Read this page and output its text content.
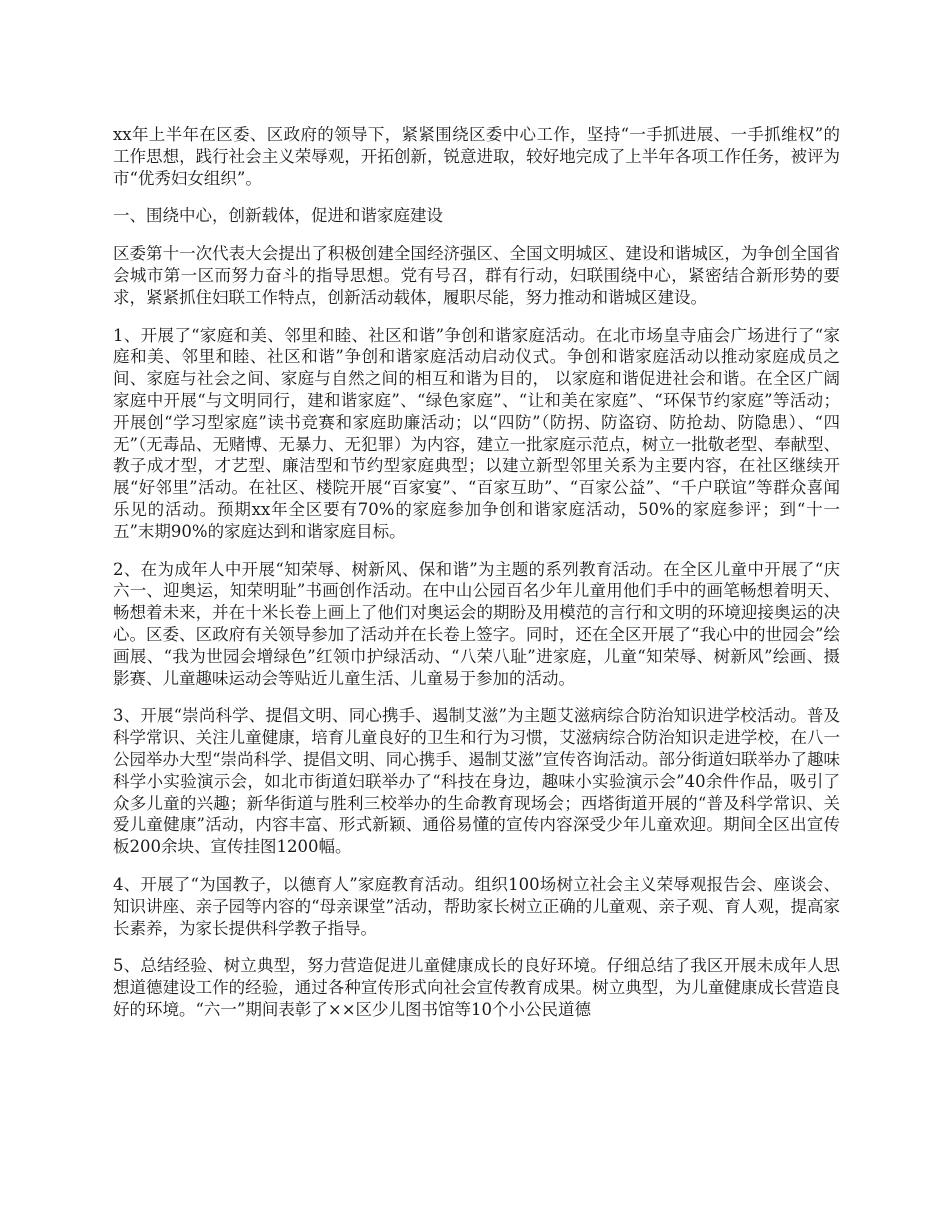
xx年上半年在区委、区政府的领导下，紧紧围绕区委中心工作，坚持“一手抓进展、一手抓维权”的工作思想，践行社会主义荣辱观，开拓创新，锐意进取，较好地完成了上半年各项工作任务，被评为市“优秀妇女组织”。

一、围绕中心，创新载体，促进和谐家庭建设

区委第十一次代表大会提出了积极创建全国经济强区、全国文明城区、建设和谐城区，为争创全国省会城市第一区而努力奋斗的指导思想。党有号召，群有行动，妇联围绕中心，紧密结合新形势的要求，紧紧抓住妇联工作特点，创新活动载体，履职尽能，努力推动和谐城区建设。

1、开展了“家庭和美、邻里和睦、社区和谐”争创和谐家庭活动。在北市场皇寺庙会广场进行了“家庭和美、邻里和睦、社区和谐”争创和谐家庭活动启动仪式。争创和谐家庭活动以推动家庭成员之间、家庭与社会之间、家庭与自然之间的相互和谐为目的， 以家庭和谐促进社会和谐。在全区广阔家庭中开展“与文明同行，建和谐家庭”、“绿色家庭”、“让和美在家庭”、“环保节约家庭”等活动；开展创“学习型家庭”读书竞赛和家庭助廉活动；以“四防”（防拐、防盗窃、防抢劫、防隐患）、“四无”（无毒品、无赌博、无暴力、无犯罪）为内容，建立一批家庭示范点，树立一批敬老型、奉献型、教子成才型，才艺型、廉洁型和节约型家庭典型；以建立新型邻里关系为主要内容，在社区继续开展“好邻里”活动。在社区、楼院开展“百家宴”、“百家互助”、“百家公益”、“千户联谊”等群众喜闻乐见的活动。预期xx年全区要有70%的家庭参加争创和谐家庭活动，50%的家庭参评；到“十一五”末期90%的家庭达到和谐家庭目标。

2、在为成年人中开展“知荣辱、树新风、保和谐”为主题的系列教育活动。在全区儿童中开展了“庆六一、迎奥运，知荣明耻”书画创作活动。在中山公园百名少年儿童用他们手中的画笔畅想着明天、畅想着未来，并在十米长卷上画上了他们对奥运会的期盼及用模范的言行和文明的环境迎接奥运的决心。区委、区政府有关领导参加了活动并在长卷上签字。同时，还在全区开展了“我心中的世园会”绘画展、“我为世园会增绿色”红领巾护绿活动、“八荣八耻”进家庭，儿童“知荣辱、树新风”绘画、摄影赛、儿童趣味运动会等贴近儿童生活、儿童易于参加的活动。

3、开展“崇尚科学、提倡文明、同心携手、遏制艾滋”为主题艾滋病综合防治知识进学校活动。普及科学常识、关注儿童健康，培育儿童良好的卫生和行为习惯，艾滋病综合防治知识走进学校，在八一公园举办大型“崇尚科学、提倡文明、同心携手、遏制艾滋”宣传咨询活动。部分街道妇联举办了趣味科学小实验演示会，如北市街道妇联举办了“科技在身边，趣味小实验演示会”40余件作品，吸引了众多儿童的兴趣；新华街道与胜利三校举办的生命教育现场会；西塔街道开展的“普及科学常识、关爱儿童健康”活动，内容丰富、形式新颖、通俗易懂的宣传内容深受少年儿童欢迎。期间全区出宣传板200余块、宣传挂图1200幅。

4、开展了“为国教子，以德育人”家庭教育活动。组织100场树立社会主义荣辱观报告会、座谈会、知识讲座、亲子园等内容的“母亲课堂”活动，帮助家长树立正确的儿童观、亲子观、育人观，提高家长素养，为家长提供科学教子指导。

5、总结经验、树立典型，努力营造促进儿童健康成长的良好环境。仔细总结了我区开展未成年人思想道德建设工作的经验，通过各种宣传形式向社会宣传教育成果。树立典型，为儿童健康成长营造良好的环境。“六一”期间表彰了××区少儿图书馆等10个小公民道德
